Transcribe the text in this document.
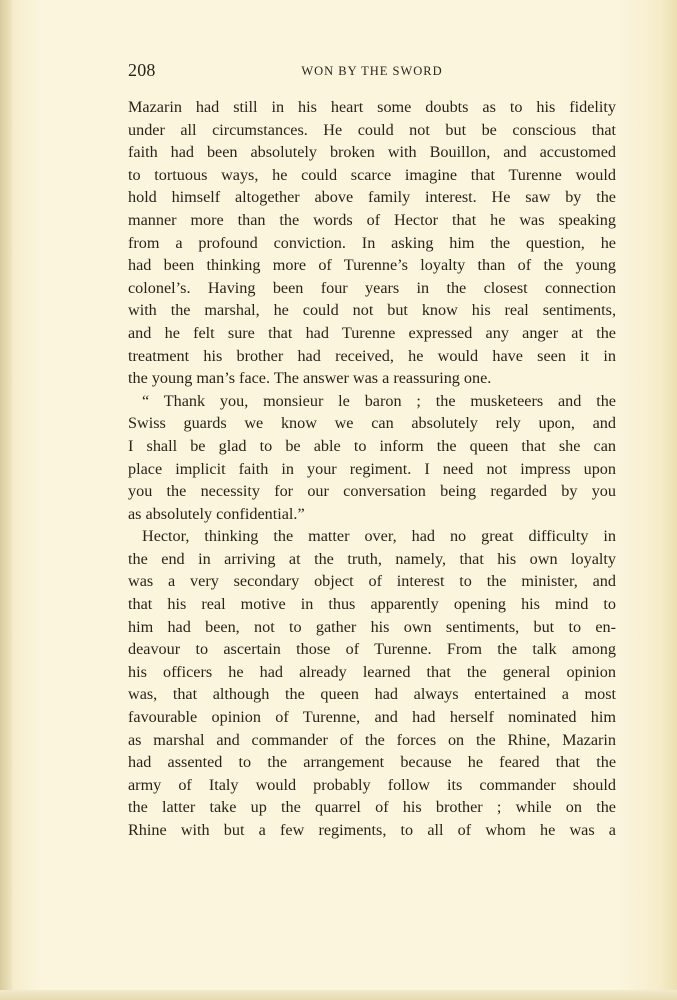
208	WON BY THE SWORD
Mazarin had still in his heart some doubts as to his fidelity
under all circumstances. He could not but be conscious that
faith had been absolutely broken with Bouillon, and accustomed
to tortuous ways, he could scarce imagine that Turenne would
hold himself altogether above family interest. He saw by the
manner more than the words of Hector that he was speaking
from a profound conviction. In asking him the question, he
had been thinking more of Turenne’s loyalty than of the young
colonel’s. Having been four years in the closest connection
with the marshal, he could not but know his real sentiments,
and he felt sure that had Turenne expressed any anger at the
treatment his brother had received, he would have seen it in
the young man’s face. The answer was a reassuring one.
“ Thank you, monsieur le baron ; the musketeers and the
Swiss guards we know we can absolutely rely upon, and
I shall be glad to be able to inform the queen that she can
place implicit faith in your regiment. I need not impress upon
you the necessity for our conversation being regarded by you
as absolutely confidential.”
Hector, thinking the matter over, had no great difficulty in
the end in arriving at the truth, namely, that his own loyalty
was a very secondary object of interest to the minister, and
that his real motive in thus apparently opening his mind to
him had been, not to gather his own sentiments, but to en-
deavour to ascertain those of Turenne. From the talk among
his officers he had already learned that the general opinion
was, that although the queen had always entertained a most
favourable opinion of Turenne, and had herself nominated him
as marshal and commander of the forces on the Rhine, Mazarin
had assented to the arrangement because he feared that the
army of Italy would probably follow its commander should
the latter take up the quarrel of his brother ; while on the
Rhine with but a few regiments, to all of whom he was a
